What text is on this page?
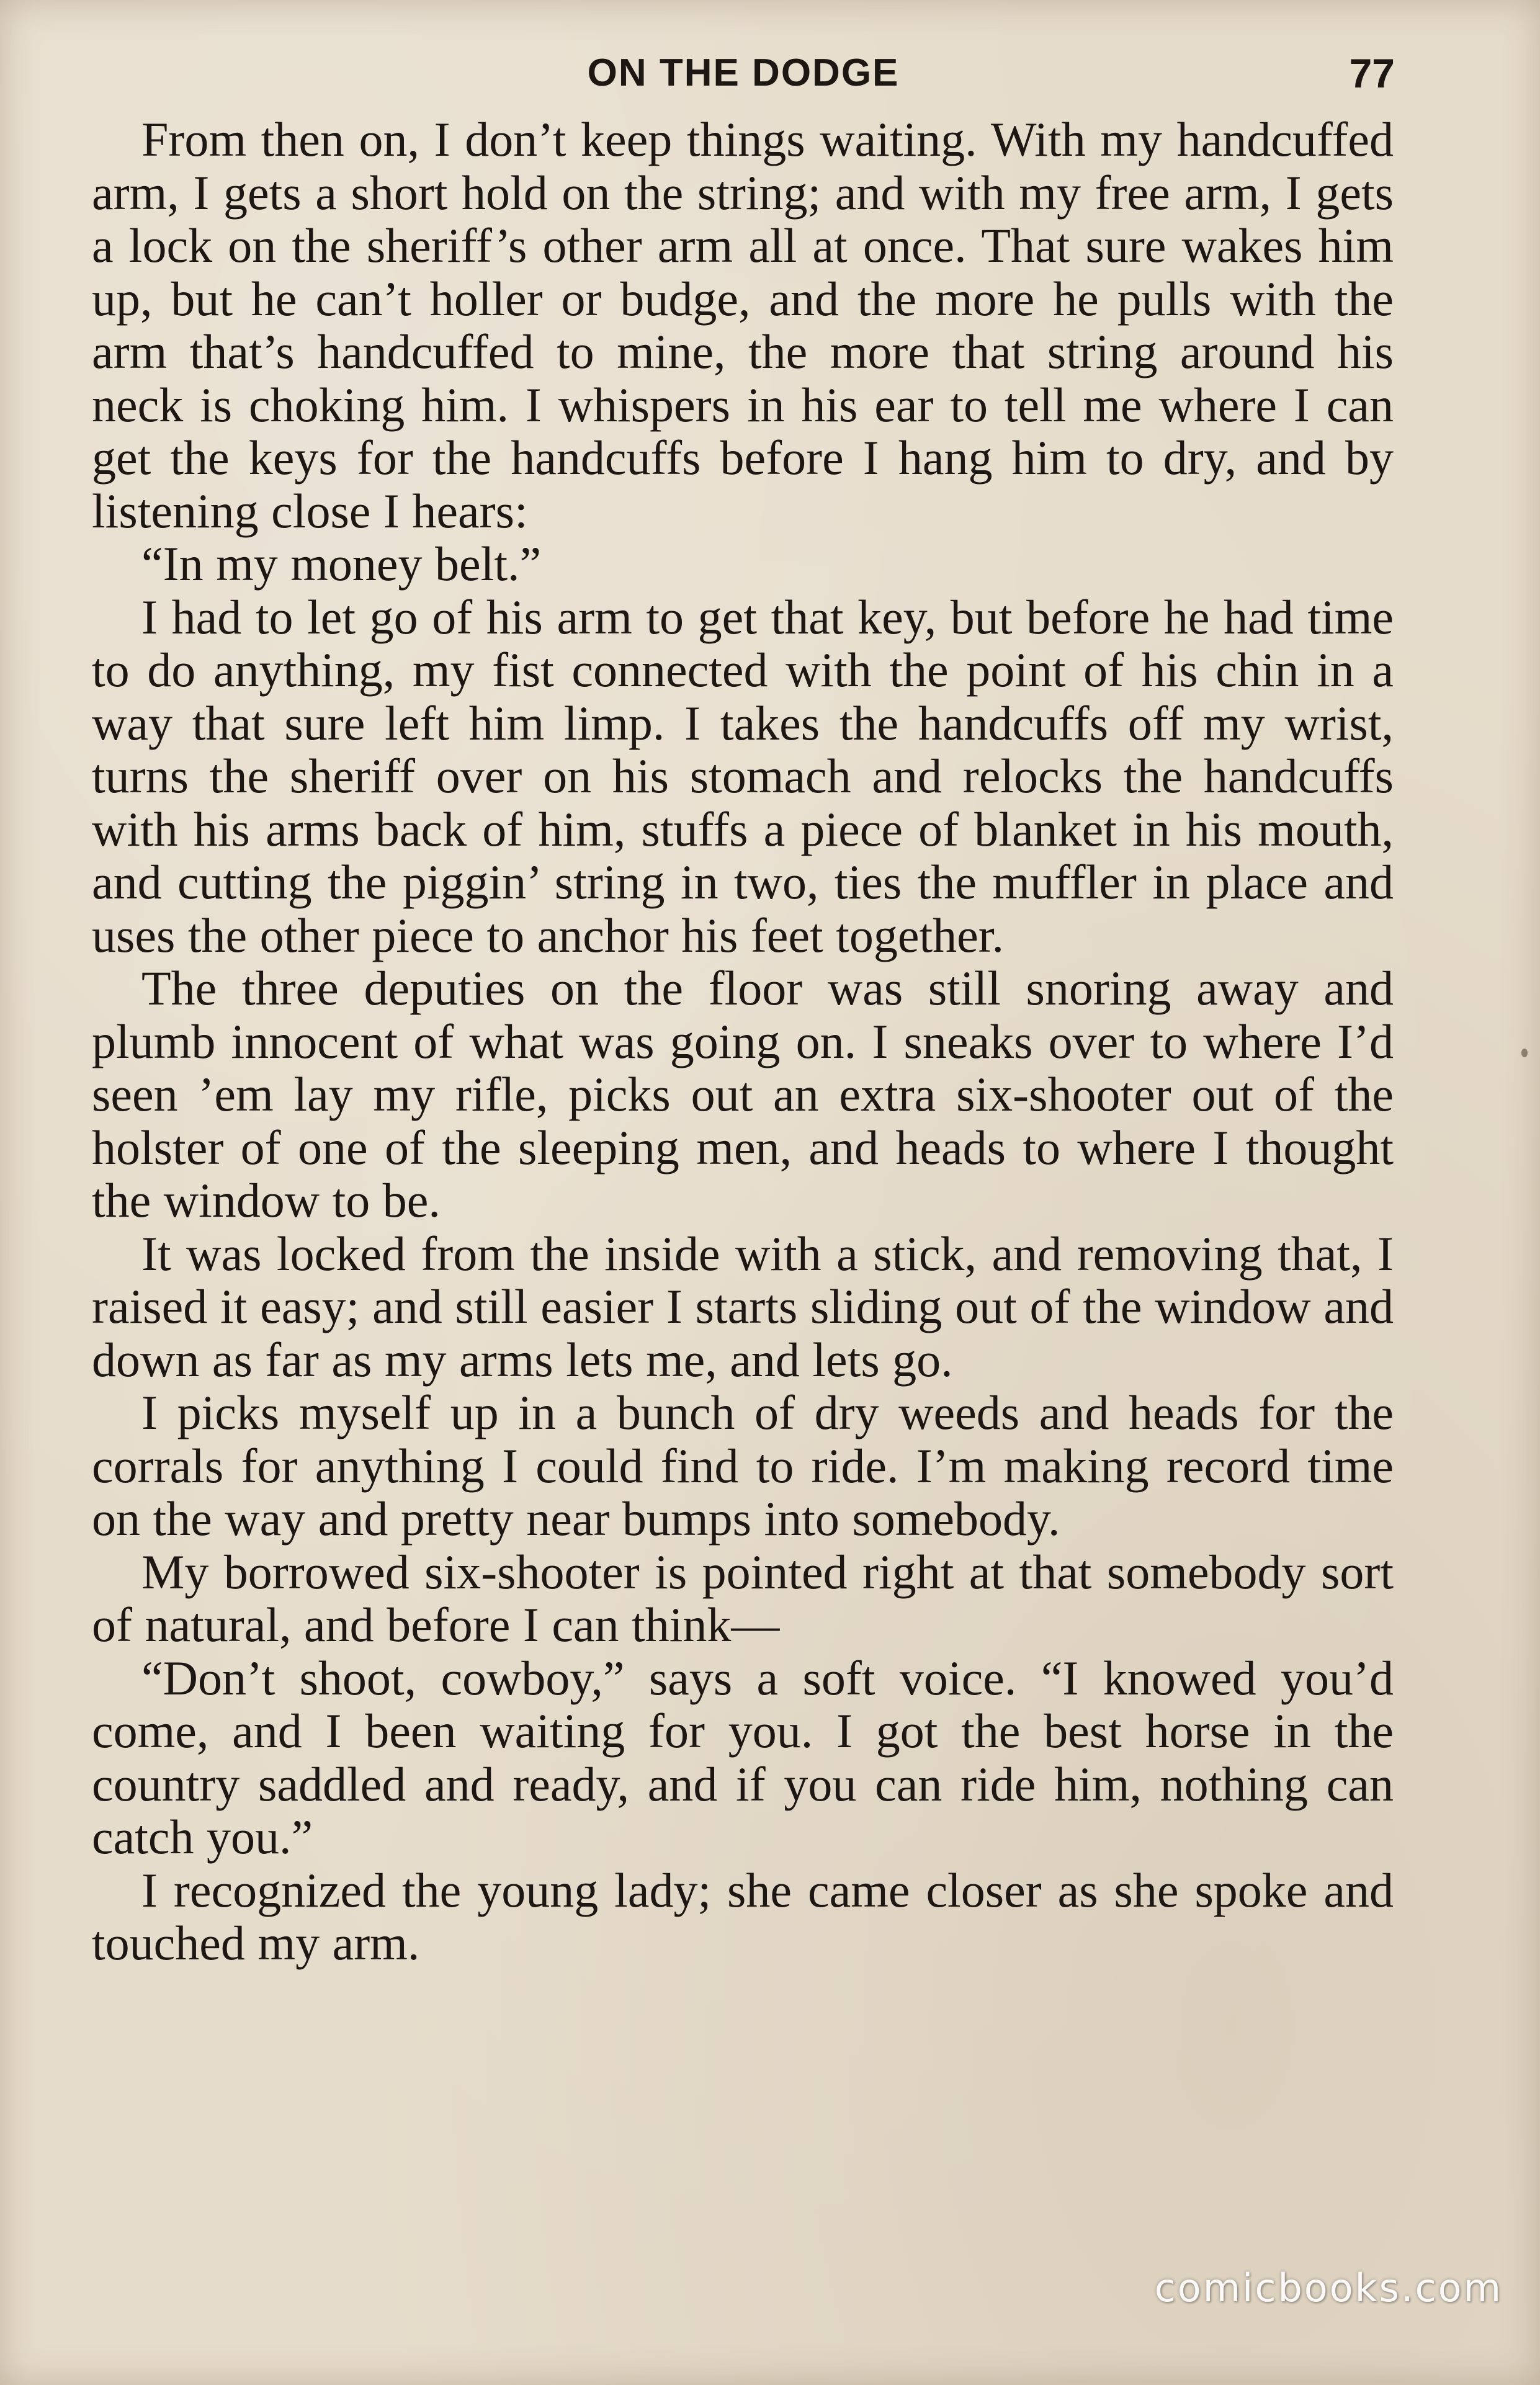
ON THE DODGE	77

From then on, I don’t keep things waiting. With my handcuffed arm, I gets a short hold on the string; and with my free arm, I gets a lock on the sheriff’s other arm all at once. That sure wakes him up, but he can’t holler or budge, and the more he pulls with the arm that’s handcuffed to mine, the more that string around his neck is choking him. I whispers in his ear to tell me where I can get the keys for the handcuffs before I hang him to dry, and by listening close I hears:

“In my money belt.”

I had to let go of his arm to get that key, but before he had time to do anything, my fist connected with the point of his chin in a way that sure left him limp. I takes the handcuffs off my wrist, turns the sheriff over on his stomach and relocks the handcuffs with his arms back of him, stuffs a piece of blanket in his mouth, and cutting the piggin’ string in two, ties the muffler in place and uses the other piece to anchor his feet together.

The three deputies on the floor was still snoring away and plumb innocent of what was going on. I sneaks over to where I’d seen ’em lay my rifle, picks out an extra six-shooter out of the holster of one of the sleeping men, and heads to where I thought the window to be.

It was locked from the inside with a stick, and removing that, I raised it easy; and still easier I starts sliding out of the window and down as far as my arms lets me, and lets go.

I picks myself up in a bunch of dry weeds and heads for the corrals for anything I could find to ride. I’m making record time on the way and pretty near bumps into somebody.

My borrowed six-shooter is pointed right at that somebody sort of natural, and before I can think—

“Don’t shoot, cowboy,” says a soft voice. “I knowed you’d come, and I been waiting for you. I got the best horse in the country saddled and ready, and if you can ride him, nothing can catch you.”

I recognized the young lady; she came closer as she spoke and touched my arm.

comicbooks.com
